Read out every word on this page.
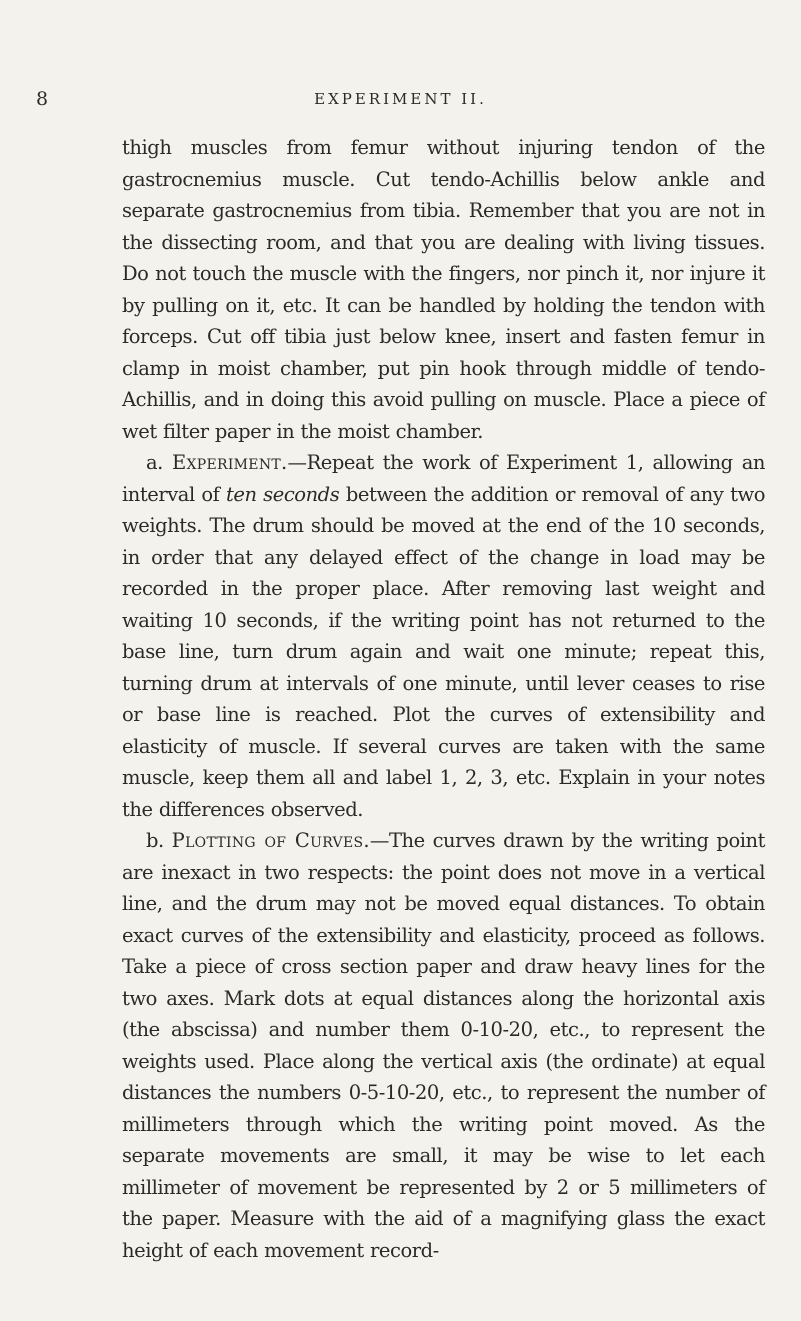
8	EXPERIMENT II.

thigh muscles from femur without injuring tendon of the gastrocnemius muscle. Cut tendo-Achillis below ankle and separate gastrocnemius from tibia. Remember that you are not in the dissecting room, and that you are dealing with living tissues. Do not touch the muscle with the fingers, nor pinch it, nor injure it by pulling on it, etc. It can be handled by holding the tendon with forceps. Cut off tibia just below knee, insert and fasten femur in clamp in moist chamber, put pin hook through middle of tendo-Achillis, and in doing this avoid pulling on muscle. Place a piece of wet filter paper in the moist chamber.

a. Experiment.—Repeat the work of Experiment 1, allowing an interval of ten seconds between the addition or removal of any two weights. The drum should be moved at the end of the 10 seconds, in order that any delayed effect of the change in load may be recorded in the proper place. After removing last weight and waiting 10 seconds, if the writing point has not returned to the base line, turn drum again and wait one minute; repeat this, turning drum at intervals of one minute, until lever ceases to rise or base line is reached. Plot the curves of extensibility and elasticity of muscle. If several curves are taken with the same muscle, keep them all and label 1, 2, 3, etc. Explain in your notes the differences observed.

b. Plotting of Curves.—The curves drawn by the writing point are inexact in two respects: the point does not move in a vertical line, and the drum may not be moved equal distances. To obtain exact curves of the extensibility and elasticity, proceed as follows. Take a piece of cross section paper and draw heavy lines for the two axes. Mark dots at equal distances along the horizontal axis (the abscissa) and number them 0-10-20, etc., to represent the weights used. Place along the vertical axis (the ordinate) at equal distances the numbers 0-5-10-20, etc., to represent the number of millimeters through which the writing point moved. As the separate movements are small, it may be wise to let each millimeter of movement be represented by 2 or 5 millimeters of the paper. Measure with the aid of a magnifying glass the exact height of each movement record-
